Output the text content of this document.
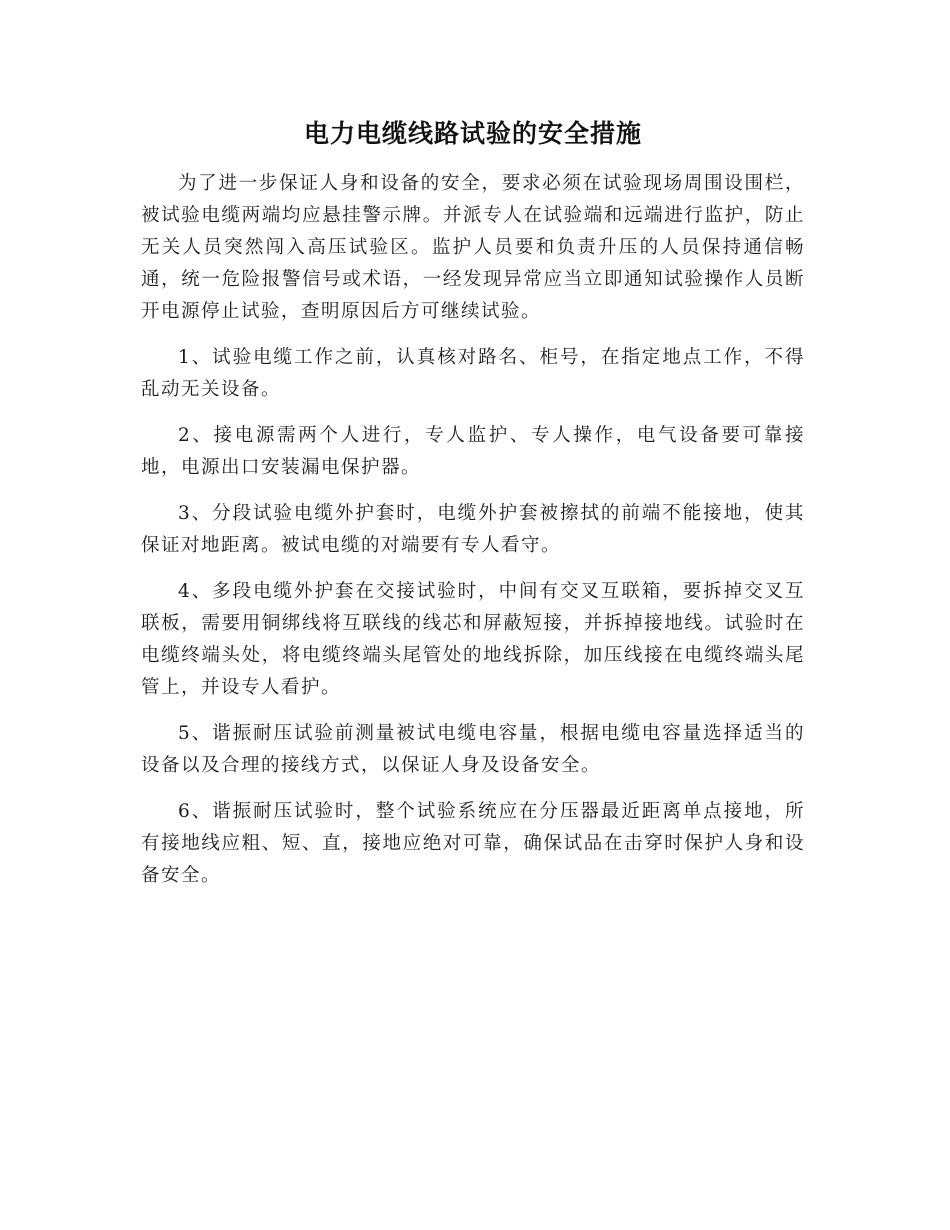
电力电缆线路试验的安全措施

为了进一步保证人身和设备的安全，要求必须在试验现场周围设围栏，被试验电缆两端均应悬挂警示牌。并派专人在试验端和远端进行监护，防止无关人员突然闯入高压试验区。监护人员要和负责升压的人员保持通信畅通，统一危险报警信号或术语，一经发现异常应当立即通知试验操作人员断开电源停止试验，查明原因后方可继续试验。

1、试验电缆工作之前，认真核对路名、柜号，在指定地点工作，不得乱动无关设备。

2、接电源需两个人进行，专人监护、专人操作，电气设备要可靠接地，电源出口安装漏电保护器。

3、分段试验电缆外护套时，电缆外护套被擦拭的前端不能接地，使其保证对地距离。被试电缆的对端要有专人看守。

4、多段电缆外护套在交接试验时，中间有交叉互联箱，要拆掉交叉互联板，需要用铜绑线将互联线的线芯和屏蔽短接，并拆掉接地线。试验时在电缆终端头处，将电缆终端头尾管处的地线拆除，加压线接在电缆终端头尾管上，并设专人看护。

5、谐振耐压试验前测量被试电缆电容量，根据电缆电容量选择适当的设备以及合理的接线方式，以保证人身及设备安全。

6、谐振耐压试验时，整个试验系统应在分压器最近距离单点接地，所有接地线应粗、短、直，接地应绝对可靠，确保试品在击穿时保护人身和设备安全。
